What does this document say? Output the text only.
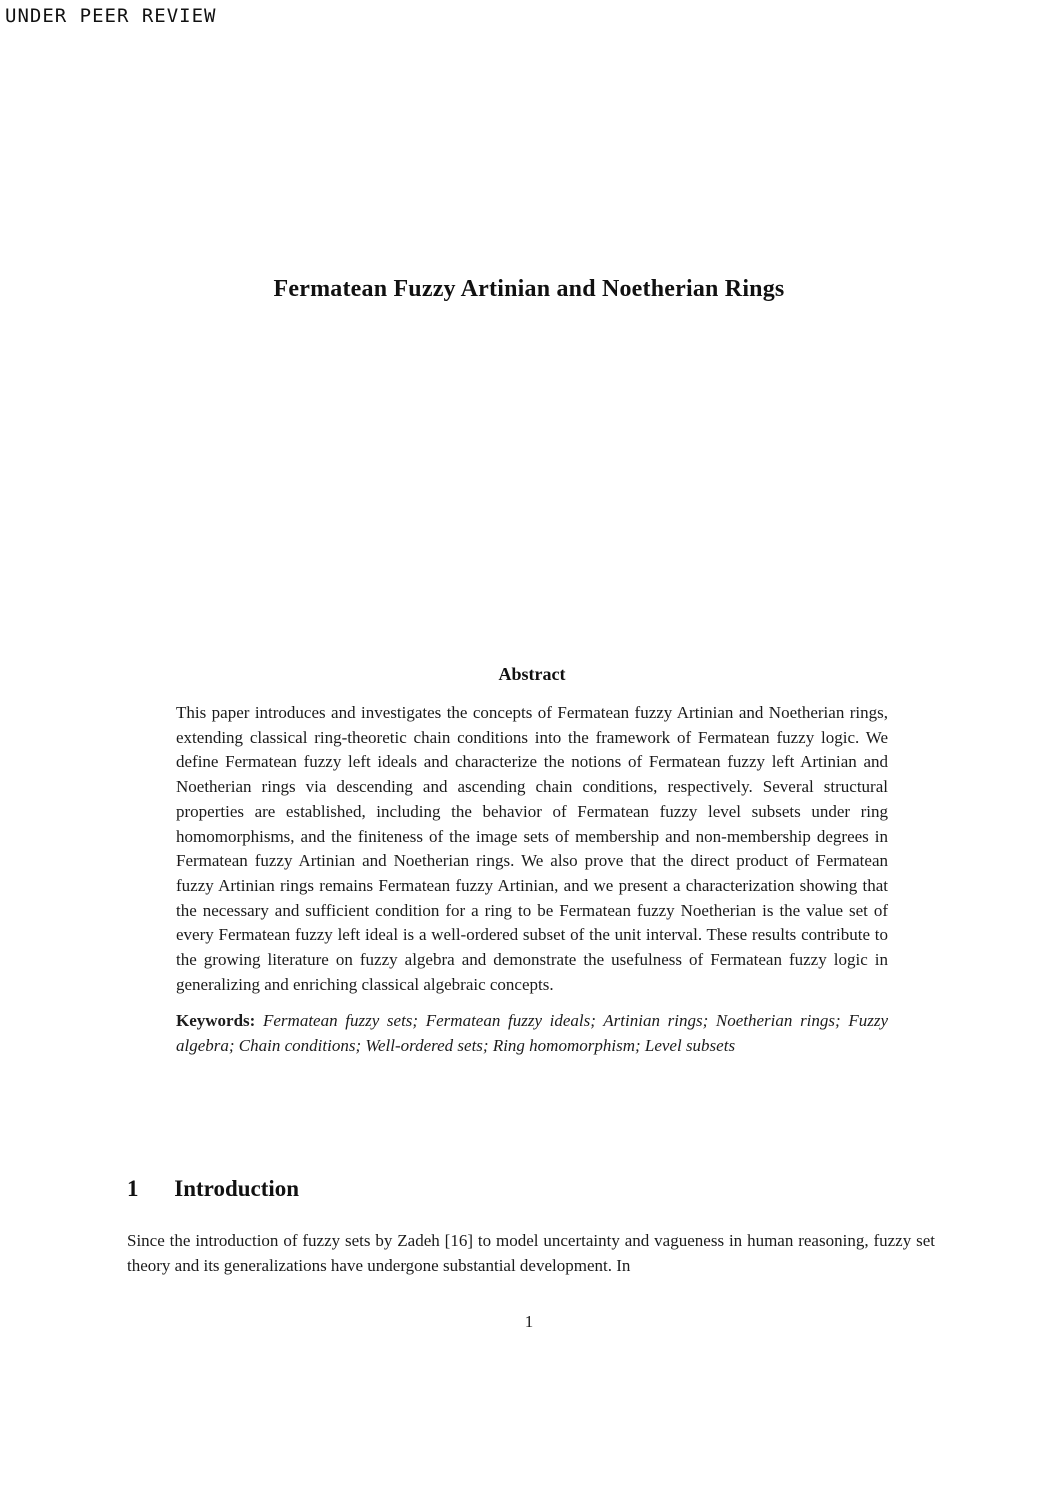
UNDER PEER REVIEW
Fermatean Fuzzy Artinian and Noetherian Rings
Abstract

This paper introduces and investigates the concepts of Fermatean fuzzy Artinian and Noetherian rings, extending classical ring-theoretic chain conditions into the framework of Fermatean fuzzy logic. We define Fermatean fuzzy left ideals and characterize the notions of Fermatean fuzzy left Artinian and Noetherian rings via descending and ascending chain conditions, respectively. Several structural properties are established, including the behavior of Fermatean fuzzy level subsets under ring homomorphisms, and the finiteness of the image sets of membership and non-membership degrees in Fermatean fuzzy Artinian and Noetherian rings. We also prove that the direct product of Fermatean fuzzy Artinian rings remains Fermatean fuzzy Artinian, and we present a characterization showing that the necessary and sufficient condition for a ring to be Fermatean fuzzy Noetherian is the value set of every Fermatean fuzzy left ideal is a well-ordered subset of the unit interval. These results contribute to the growing literature on fuzzy algebra and demonstrate the usefulness of Fermatean fuzzy logic in generalizing and enriching classical algebraic concepts.

Keywords: Fermatean fuzzy sets; Fermatean fuzzy ideals; Artinian rings; Noetherian rings; Fuzzy algebra; Chain conditions; Well-ordered sets; Ring homomorphism; Level subsets

1 Introduction

Since the introduction of fuzzy sets by Zadeh [16] to model uncertainty and vagueness in human reasoning, fuzzy set theory and its generalizations have undergone substantial development. In

1
